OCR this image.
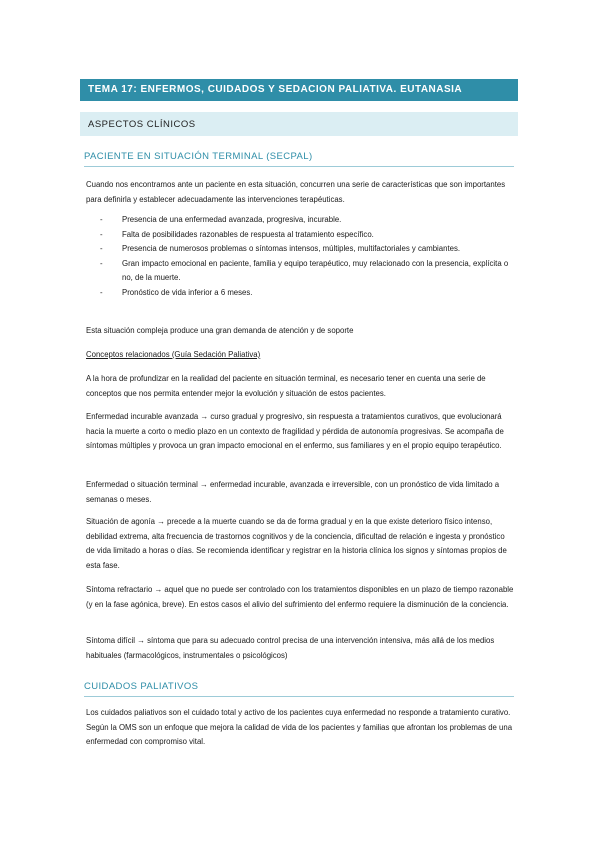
TEMA 17: ENFERMOS, CUIDADOS Y SEDACION PALIATIVA. EUTANASIA
ASPECTOS CLÍNICOS
PACIENTE EN SITUACIÓN TERMINAL (SECPAL)

Cuando nos encontramos ante un paciente en esta situación, concurren una serie de características que son importantes para definirla y establecer adecuadamente las intervenciones terapéuticas.

- Presencia de una enfermedad avanzada, progresiva, incurable.
- Falta de posibilidades razonables de respuesta al tratamiento específico.
- Presencia de numerosos problemas o síntomas intensos, múltiples, multifactoriales y cambiantes.
- Gran impacto emocional en paciente, familia y equipo terapéutico, muy relacionado con la presencia, explícita o no, de la muerte.
- Pronóstico de vida inferior a 6 meses.

Esta situación compleja produce una gran demanda de atención y de soporte

Conceptos relacionados (Guía Sedación Paliativa)

A la hora de profundizar en la realidad del paciente en situación terminal, es necesario tener en cuenta una serie de conceptos que nos permita entender mejor la evolución y situación de estos pacientes.

Enfermedad incurable avanzada → curso gradual y progresivo, sin respuesta a tratamientos curativos, que evolucionará hacia la muerte a corto o medio plazo en un contexto de fragilidad y pérdida de autonomía progresivas. Se acompaña de síntomas múltiples y provoca un gran impacto emocional en el enfermo, sus familiares y en el propio equipo terapéutico.

Enfermedad o situación terminal → enfermedad incurable, avanzada e irreversible, con un pronóstico de vida limitado a semanas o meses.

Situación de agonía → precede a la muerte cuando se da de forma gradual y en la que existe deterioro físico intenso, debilidad extrema, alta frecuencia de trastornos cognitivos y de la conciencia, dificultad de relación e ingesta y pronóstico de vida limitado a horas o días. Se recomienda identificar y registrar en la historia clínica los signos y síntomas propios de esta fase.

Síntoma refractario → aquel que no puede ser controlado con los tratamientos disponibles en un plazo de tiempo razonable (y en la fase agónica, breve). En estos casos el alivio del sufrimiento del enfermo requiere la disminución de la conciencia.

Síntoma difícil → síntoma que para su adecuado control precisa de una intervención intensiva, más allá de los medios habituales (farmacológicos, instrumentales o psicológicos)

CUIDADOS PALIATIVOS

Los cuidados paliativos son el cuidado total y activo de los pacientes cuya enfermedad no responde a tratamiento curativo. Según la OMS son un enfoque que mejora la calidad de vida de los pacientes y familias que afrontan los problemas de una enfermedad con compromiso vital.
